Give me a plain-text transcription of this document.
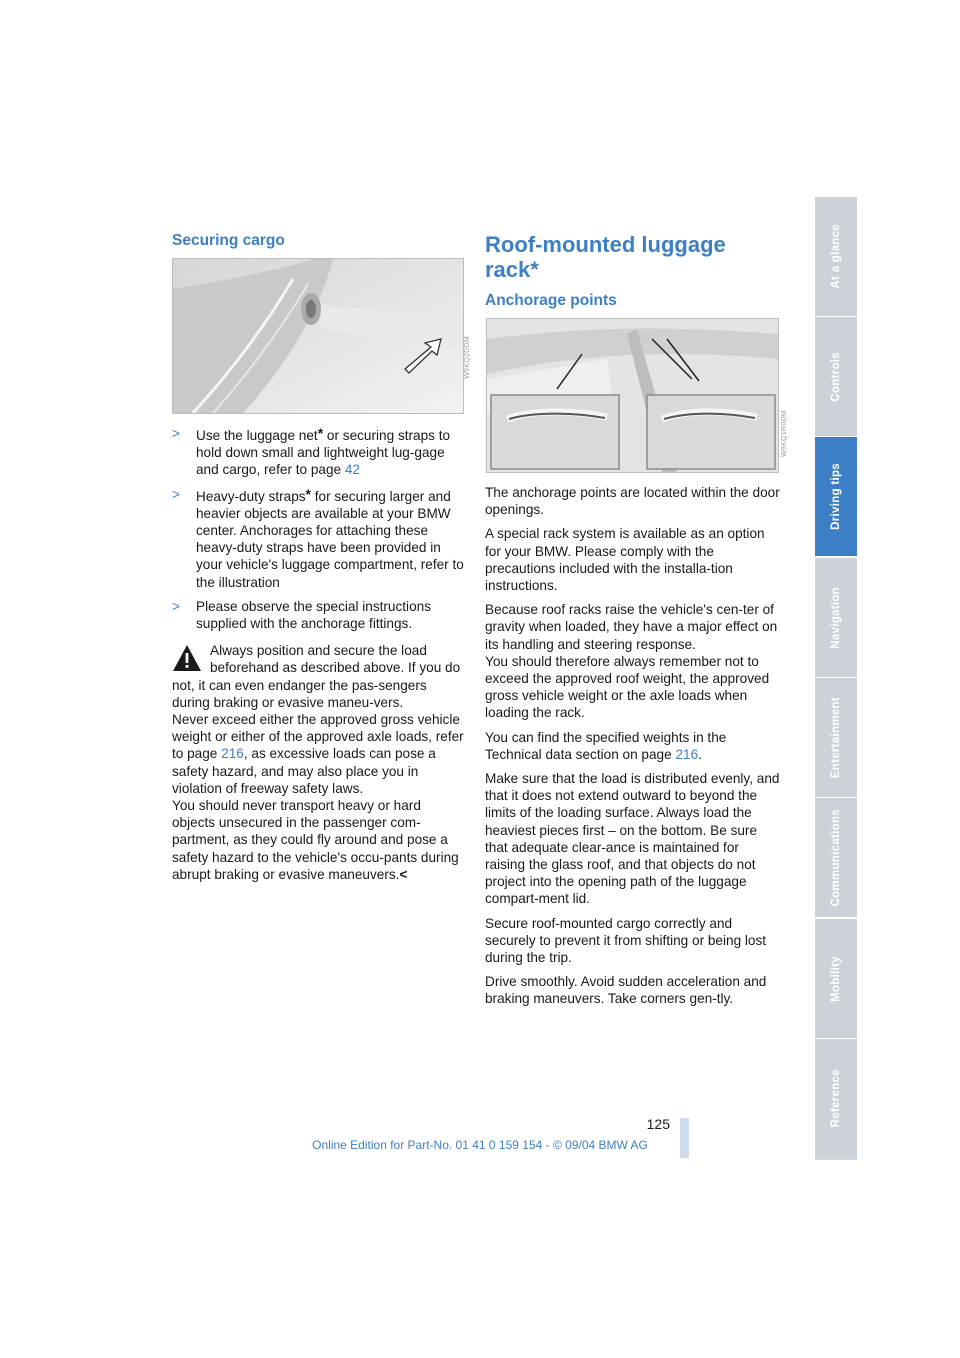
Securing cargo
W9KQ2DDM
> Use the luggage net* or securing straps to hold down small and lightweight lug-gage and cargo, refer to page 42
> Heavy-duty straps* for securing larger and heavier objects are available at your BMW center. Anchorages for attaching these heavy-duty straps have been provided in your vehicle's luggage compartment, refer to the illustration
> Please observe the special instructions supplied with the anchorage fittings.

Always position and secure the load beforehand as described above. If you do not, it can even endanger the pas-sengers during braking or evasive maneu-vers.

Never exceed either the approved gross vehicle weight or either of the approved axle loads, refer to page 216, as excessive loads can pose a safety hazard, and may also place you in violation of freeway safety laws.

You should never transport heavy or hard objects unsecured in the passenger com-partment, as they could fly around and pose a safety hazard to the vehicle's occu-pants during abrupt braking or evasive maneuvers.<

Roof-mounted luggage rack*
Anchorage points
W9KQ1R0DM

The anchorage points are located within the door openings.

A special rack system is available as an option for your BMW. Please comply with the precautions included with the installa-tion instructions.

Because roof racks raise the vehicle's cen-ter of gravity when loaded, they have a major effect on its handling and steering response.

You should therefore always remember not to exceed the approved roof weight, the approved gross vehicle weight or the axle loads when loading the rack.

You can find the specified weights in the Technical data section on page 216.

Make sure that the load is distributed evenly, and that it does not extend outward to beyond the limits of the loading surface. Always load the heaviest pieces first – on the bottom. Be sure that adequate clear-ance is maintained for raising the glass roof, and that objects do not project into the opening path of the luggage compart-ment lid.

Secure roof-mounted cargo correctly and securely to prevent it from shifting or being lost during the trip.

Drive smoothly. Avoid sudden acceleration and braking maneuvers. Take corners gen-tly.

125
At a glance
Controls
Driving tips
Navigation
Entertainment
Communications
Mobility
Reference
Online Edition for Part-No. 01 41 0 159 154 - © 09/04 BMW AG
